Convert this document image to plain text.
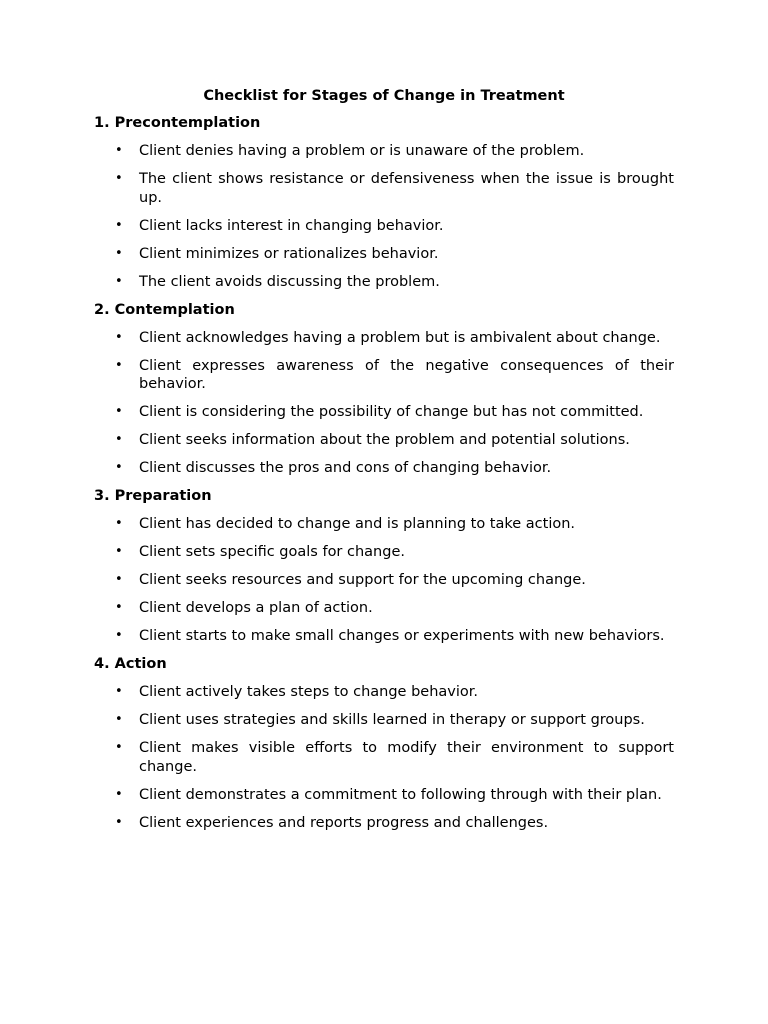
Checklist for Stages of Change in Treatment
1. Precontemplation
• Client denies having a problem or is unaware of the problem.
• The client shows resistance or defensiveness when the issue is brought up.
• Client lacks interest in changing behavior.
• Client minimizes or rationalizes behavior.
• The client avoids discussing the problem.
2. Contemplation
• Client acknowledges having a problem but is ambivalent about change.
• Client expresses awareness of the negative consequences of their behavior.
• Client is considering the possibility of change but has not committed.
• Client seeks information about the problem and potential solutions.
• Client discusses the pros and cons of changing behavior.
3. Preparation
• Client has decided to change and is planning to take action.
• Client sets specific goals for change.
• Client seeks resources and support for the upcoming change.
• Client develops a plan of action.
• Client starts to make small changes or experiments with new behaviors.
4. Action
• Client actively takes steps to change behavior.
• Client uses strategies and skills learned in therapy or support groups.
• Client makes visible efforts to modify their environment to support change.
• Client demonstrates a commitment to following through with their plan.
• Client experiences and reports progress and challenges.
